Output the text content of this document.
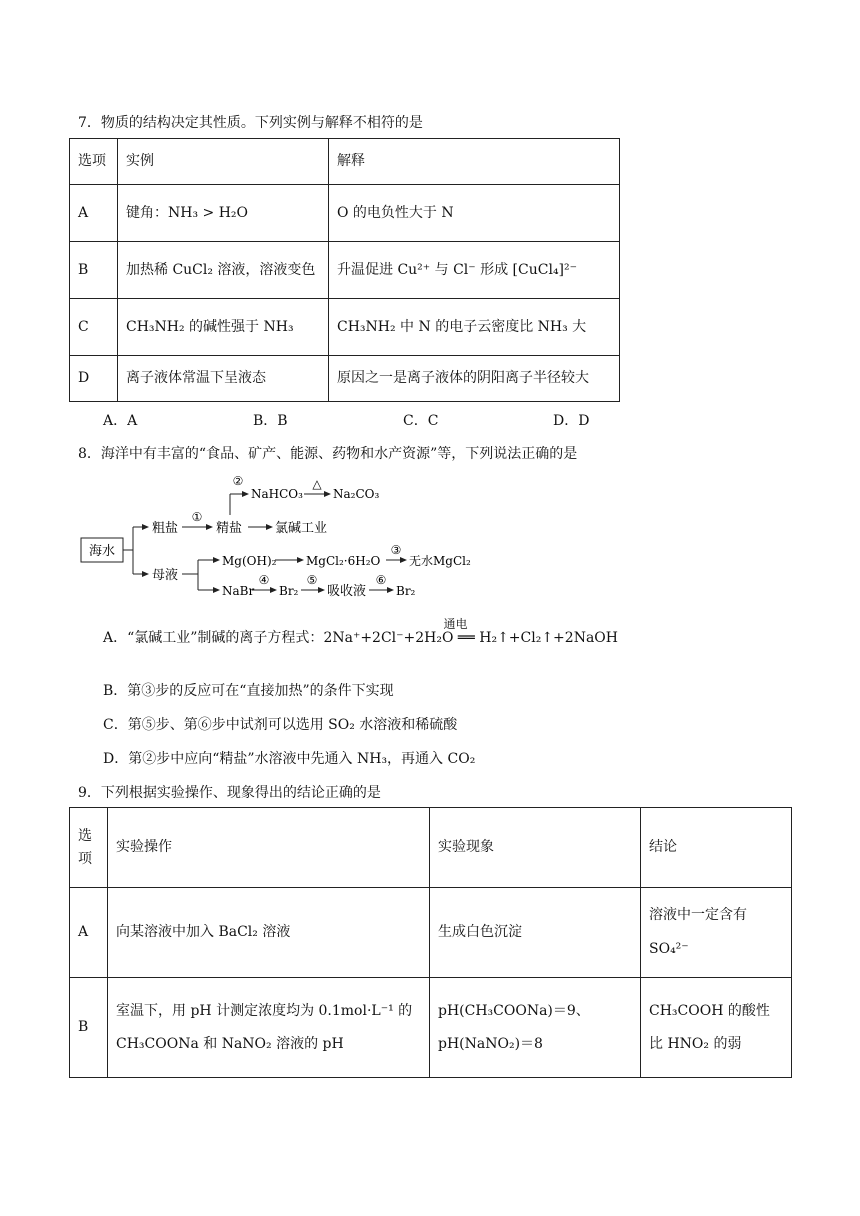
7．物质的结构决定其性质。下列实例与解释不相符的是
选项	实例	解释
A	键角：NH₃ > H₂O	O 的电负性大于 N
B	加热稀 CuCl₂ 溶液，溶液变色	升温促进 Cu²⁺ 与 Cl⁻ 形成 [CuCl₄]²⁻
C	CH₃NH₂ 的碱性强于 NH₃	CH₃NH₂ 中 N 的电子云密度比 NH₃ 大
D	离子液体常温下呈液态	原因之一是离子液体的阴阳离子半径较大
A．A	B．B	C．C	D．D
8．海洋中有丰富的“食品、矿产、能源、药物和水产资源”等，下列说法正确的是
海水
粗盐
母液
①
精盐
②
NaHCO₃
△
Na₂CO₃
氯碱工业
Mg(OH)₂ MgCl₂·6H₂O
③
无水MgCl₂
NaBr
④
Br₂
⑤
吸收液
⑥
Br₂
A．“氯碱工业”制碱的离子方程式：
通电
2Na⁺+2Cl⁻+2H₂O ══ H₂↑+Cl₂↑+2NaOH
B．第③步的反应可在“直接加热”的条件下实现
C．第⑤步、第⑥步中试剂可以选用 SO₂ 水溶液和稀硫酸
D．第②步中应向“精盐”水溶液中先通入 NH₃，再通入 CO₂
9．下列根据实验操作、现象得出的结论正确的是
选项	实验操作	实验现象	结论
A	向某溶液中加入 BaCl₂ 溶液	生成白色沉淀	溶液中一定含有 SO₄²⁻
B	室温下，用 pH 计测定浓度均为 0.1mol·L⁻¹ 的 CH₃COONa 和 NaNO₂ 溶液的 pH	pH(CH₃COONa)＝9、pH(NaNO₂)＝8	CH₃COOH 的酸性比 HNO₂ 的弱
